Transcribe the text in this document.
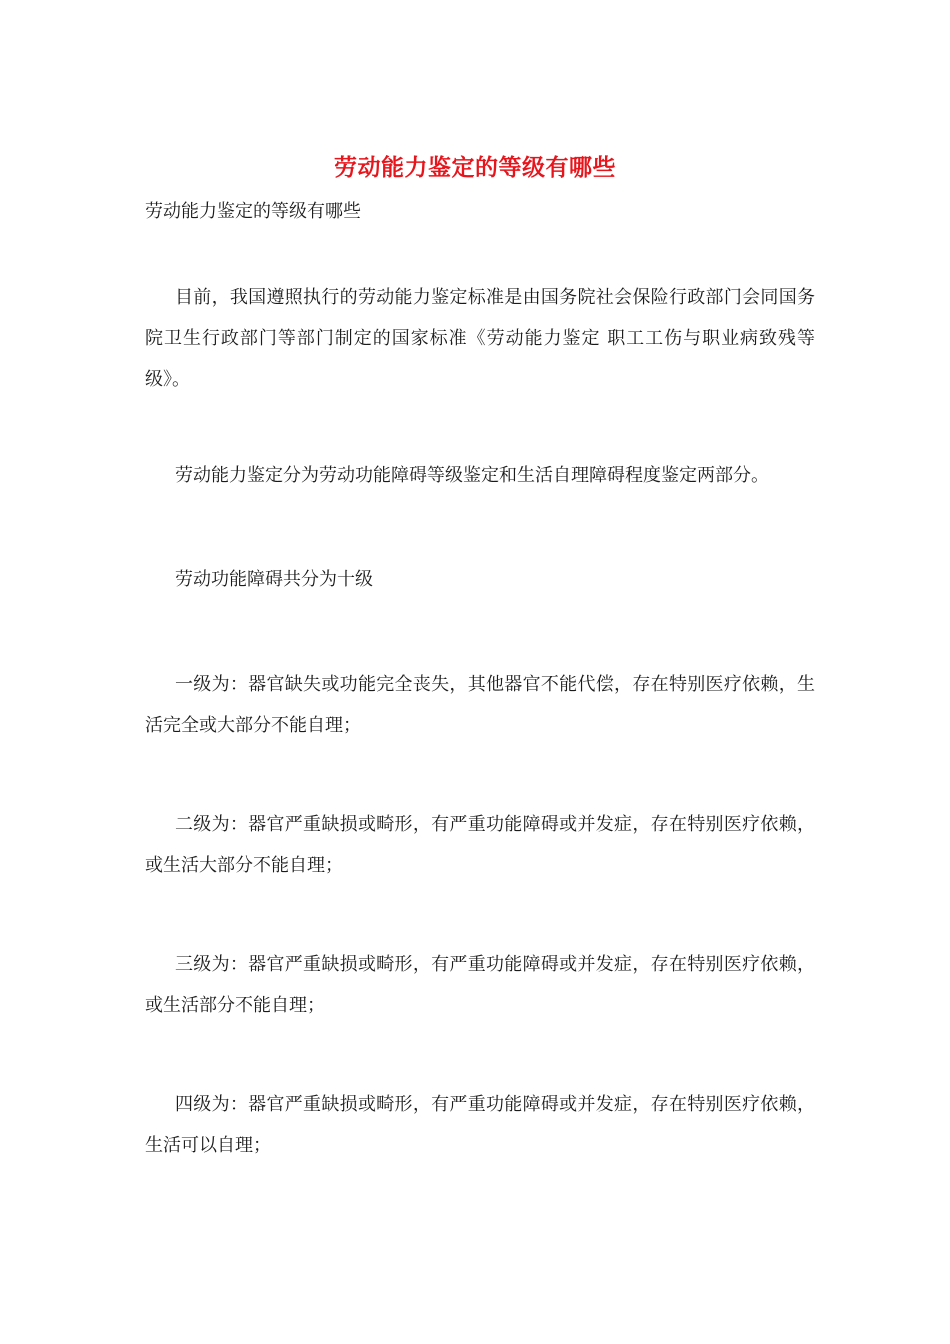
劳动能力鉴定的等级有哪些
劳动能力鉴定的等级有哪些

目前，我国遵照执行的劳动能力鉴定标准是由国务院社会保险行政部门会同国务院卫生行政部门等部门制定的国家标准《劳动能力鉴定 职工工伤与职业病致残等级》。

劳动能力鉴定分为劳动功能障碍等级鉴定和生活自理障碍程度鉴定两部分。

劳动功能障碍共分为十级

一级为：器官缺失或功能完全丧失，其他器官不能代偿，存在特别医疗依赖，生活完全或大部分不能自理；

二级为：器官严重缺损或畸形，有严重功能障碍或并发症，存在特别医疗依赖，或生活大部分不能自理；

三级为：器官严重缺损或畸形，有严重功能障碍或并发症，存在特别医疗依赖，或生活部分不能自理；

四级为：器官严重缺损或畸形，有严重功能障碍或并发症，存在特别医疗依赖，生活可以自理；
